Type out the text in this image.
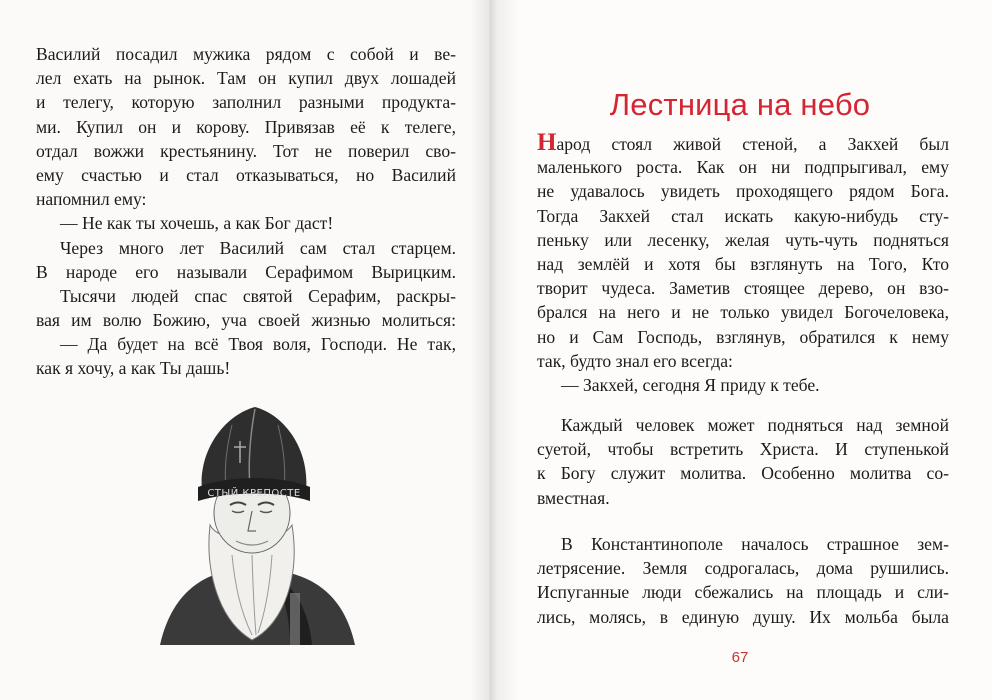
Василий посадил мужика рядом с собой и ве-
лел ехать на рынок. Там он купил двух лошадей
и телегу, которую заполнил разными продукта-
ми. Купил он и корову. Привязав её к телеге,
отдал вожжи крестьянину. Тот не поверил сво-
ему счастью и стал отказываться, но Василий
напомнил ему:
— Не как ты хочешь, а как Бог даст!
Через много лет Василий сам стал старцем.
В народе его называли Серафимом Вырицким.
Тысячи людей спас святой Серафим, раскры-
вая им волю Божию, уча своей жизнью молиться:
— Да будет на всё Твоя воля, Господи. Не так,
как я хочу, а как Ты дашь!
СТЫЙ КРЕПОСТЕ
Лестница на небо
Народ стоял живой стеной, а Закхей был
маленького роста. Как он ни подпрыгивал, ему
не удавалось увидеть проходящего рядом Бога.
Тогда Закхей стал искать какую-нибудь сту-
пеньку или лесенку, желая чуть-чуть подняться
над землёй и хотя бы взглянуть на Того, Кто
творит чудеса. Заметив стоящее дерево, он взо-
брался на него и не только увидел Богочеловека,
но и Сам Господь, взглянув, обратился к нему
так, будто знал его всегда:
— Закхей, сегодня Я приду к тебе.
Каждый человек может подняться над земной
суетой, чтобы встретить Христа. И ступенькой
к Богу служит молитва. Особенно молитва со-
вместная.
В Константинополе началось страшное зем-
летрясение. Земля содрогалась, дома рушились.
Испуганные люди сбежались на площадь и сли-
лись, молясь, в единую душу. Их мольба была
67
